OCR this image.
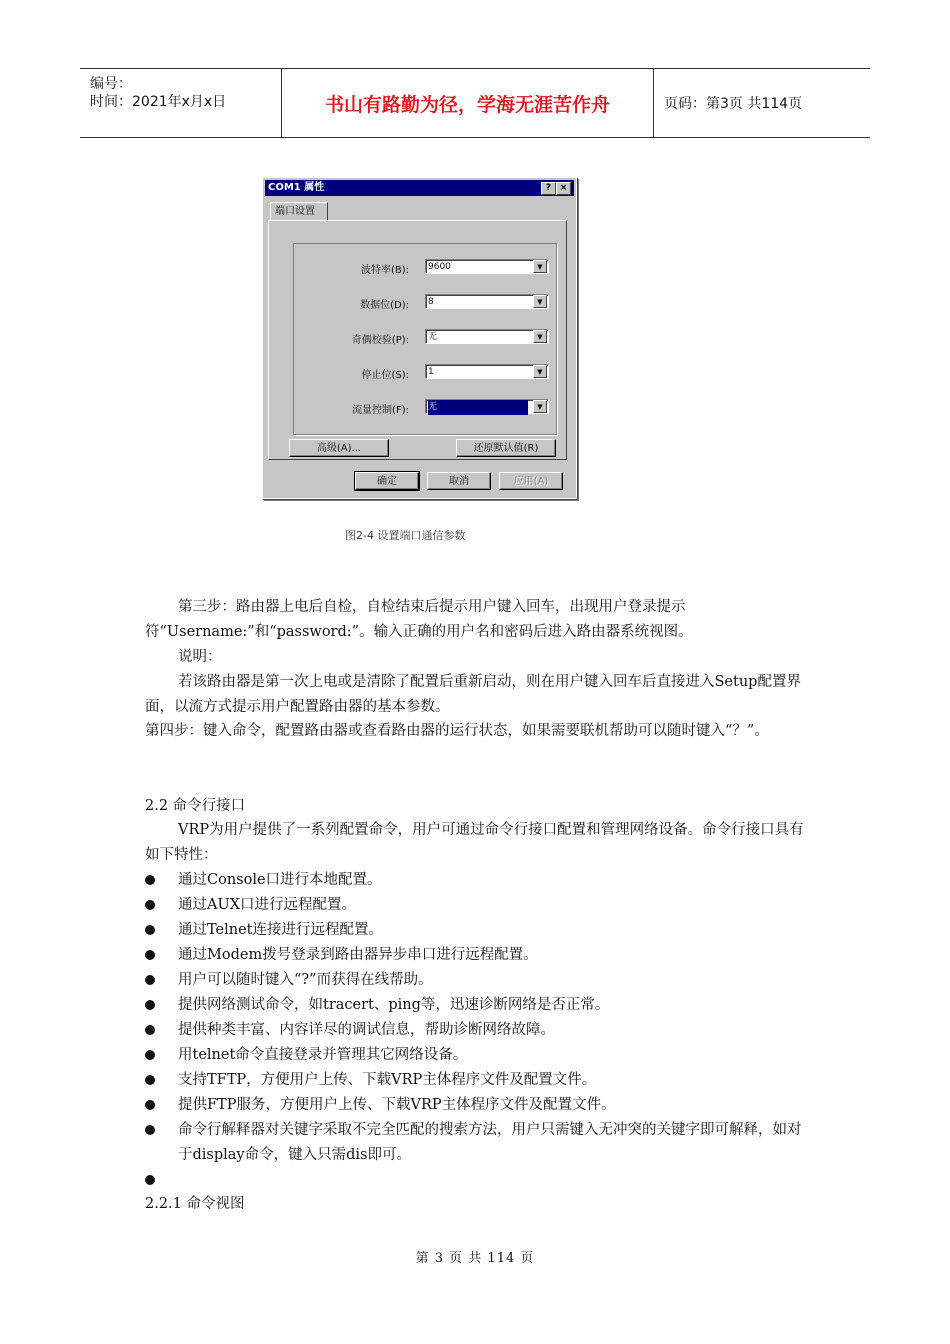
编号：
时间：2021年x月x日	书山有路勤为径，学海无涯苦作舟	页码：第3页 共114页
COM1 属性	? ×
端口设置
波特率(B):	9600	▼
数据位(D):	8	▼
奇偶校验(P):	无	▼
停止位(S):	1	▼
流量控制(F):	无	▼
高级(A)...	还原默认值(R)
确定	取消	应用(A)
图2-4 设置端口通信参数

第三步：路由器上电后自检，自检结束后提示用户键入回车，出现用户登录提示符“Username:”和“password:”。输入正确的用户名和密码后进入路由器系统视图。

说明：

若该路由器是第一次上电或是清除了配置后重新启动，则在用户键入回车后直接进入Setup配置界面，以流方式提示用户配置路由器的基本参数。

第四步：键入命令，配置路由器或查看路由器的运行状态，如果需要联机帮助可以随时键入“？”。

2.2 命令行接口

VRP为用户提供了一系列配置命令，用户可通过命令行接口配置和管理网络设备。命令行接口具有如下特性：

通过Console口进行本地配置。
通过AUX口进行远程配置。
通过Telnet连接进行远程配置。
通过Modem拨号登录到路由器异步串口进行远程配置。
用户可以随时键入“?”而获得在线帮助。
提供网络测试命令，如tracert、ping等，迅速诊断网络是否正常。
提供种类丰富、内容详尽的调试信息，帮助诊断网络故障。
用telnet命令直接登录并管理其它网络设备。
支持TFTP，方便用户上传、下载VRP主体程序文件及配置文件。
提供FTP服务，方便用户上传、下载VRP主体程序文件及配置文件。
命令行解释器对关键字采取不完全匹配的搜索方法，用户只需键入无冲突的关键字即可解释，如对于display命令，键入只需dis即可。

2.2.1 命令视图

第 3 页 共 114 页
